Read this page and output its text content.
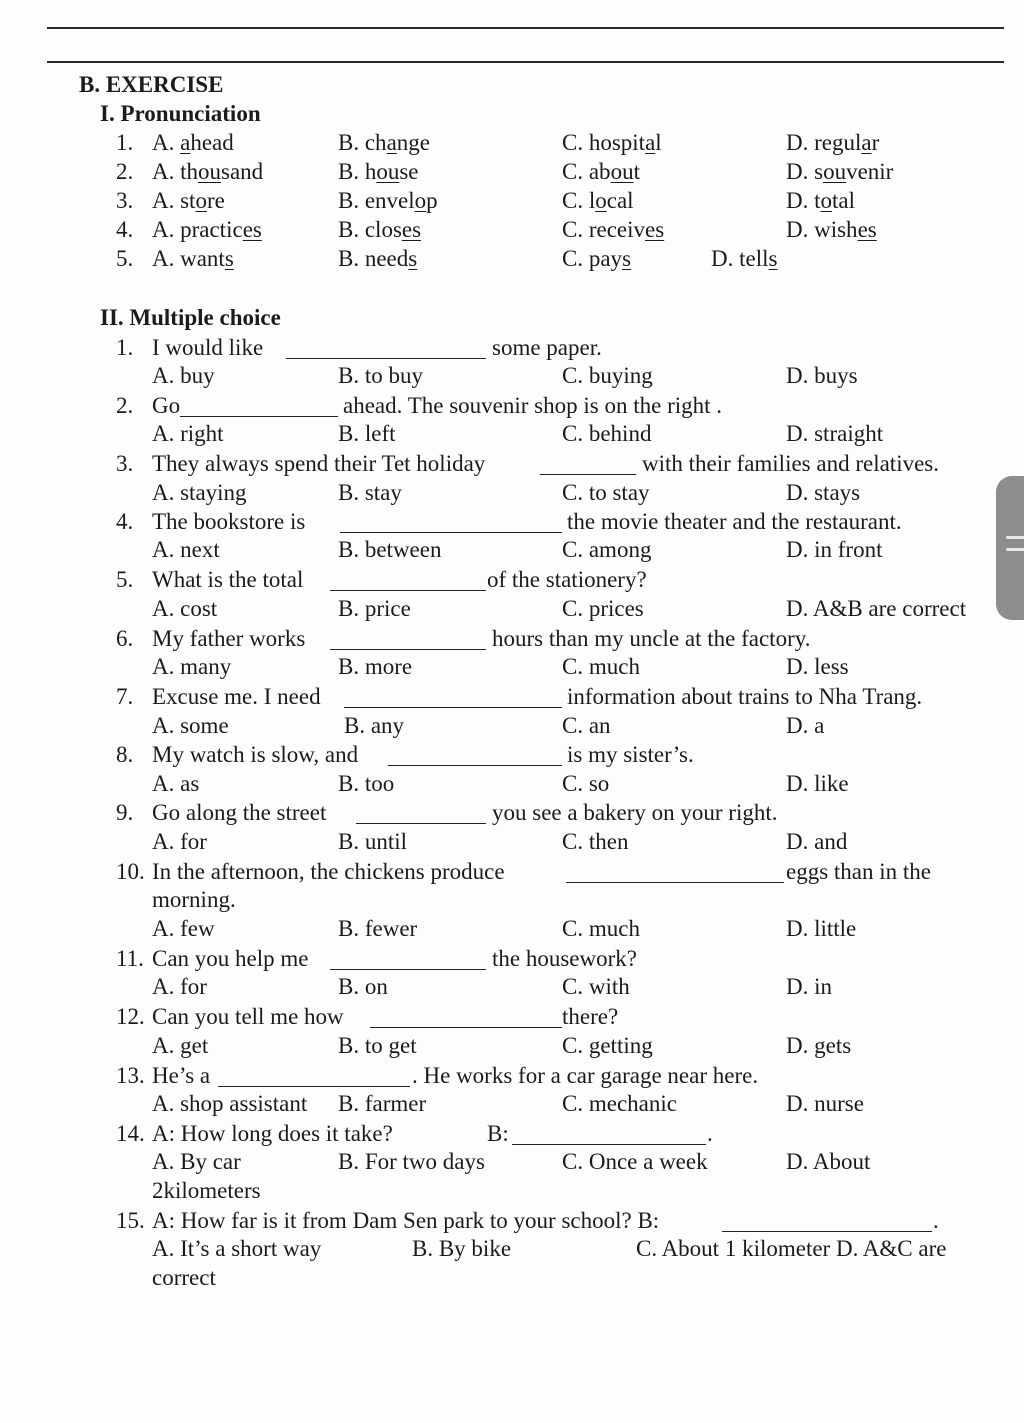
B. EXERCISE
I. Pronunciation
1. A. ahead	B. change	C. hospital	D. regular
2. A. thousand	B. house	C. about	D. souvenir
3. A. store	B. envelop	C. local	D. total
4. A. practices	B. closes	C. receives	D. wishes
5. A. wants	B. needs	C. pays	D. tells
II. Multiple choice
1. I would like	some paper.
A. buy	B. to buy	C. buying	D. buys
2. Go	ahead. The souvenir shop is on the right .
A. right	B. left	C. behind	D. straight
3. They always spend their Tet holiday	with their families and relatives.
A. staying	B. stay	C. to stay	D. stays
4. The bookstore is	the movie theater and the restaurant.
A. next	B. between	C. among	D. in front
5. What is the total	of the stationery?
A. cost	B. price	C. prices	D. A&B are correct
6. My father works	hours than my uncle at the factory.
A. many	B. more	C. much	D. less
7. Excuse me. I need	information about trains to Nha Trang.
A. some	B. any	C. an	D. a
8. My watch is slow, and	is my sister’s.
A. as	B. too	C. so	D. like
9. Go along the street	you see a bakery on your right.
A. for	B. until	C. then	D. and
10. In the afternoon, the chickens produce	eggs than in the
morning.
A. few	B. fewer	C. much	D. little
11. Can you help me	the housework?
A. for	B. on	C. with	D. in
12. Can you tell me how	there?
A. get	B. to get	C. getting	D. gets
13. He’s a	. He works for a car garage near here.
A. shop assistant B. farmer	C. mechanic	D. nurse
14. A: How long does it take?	B:	.
A. By car	B. For two days	C. Once a week	D. About
2kilometers
15. A: How far is it from Dam Sen park to your school? B:	.
A. It’s a short way	B. By bike	C. About 1 kilometer D. A&C are
correct
